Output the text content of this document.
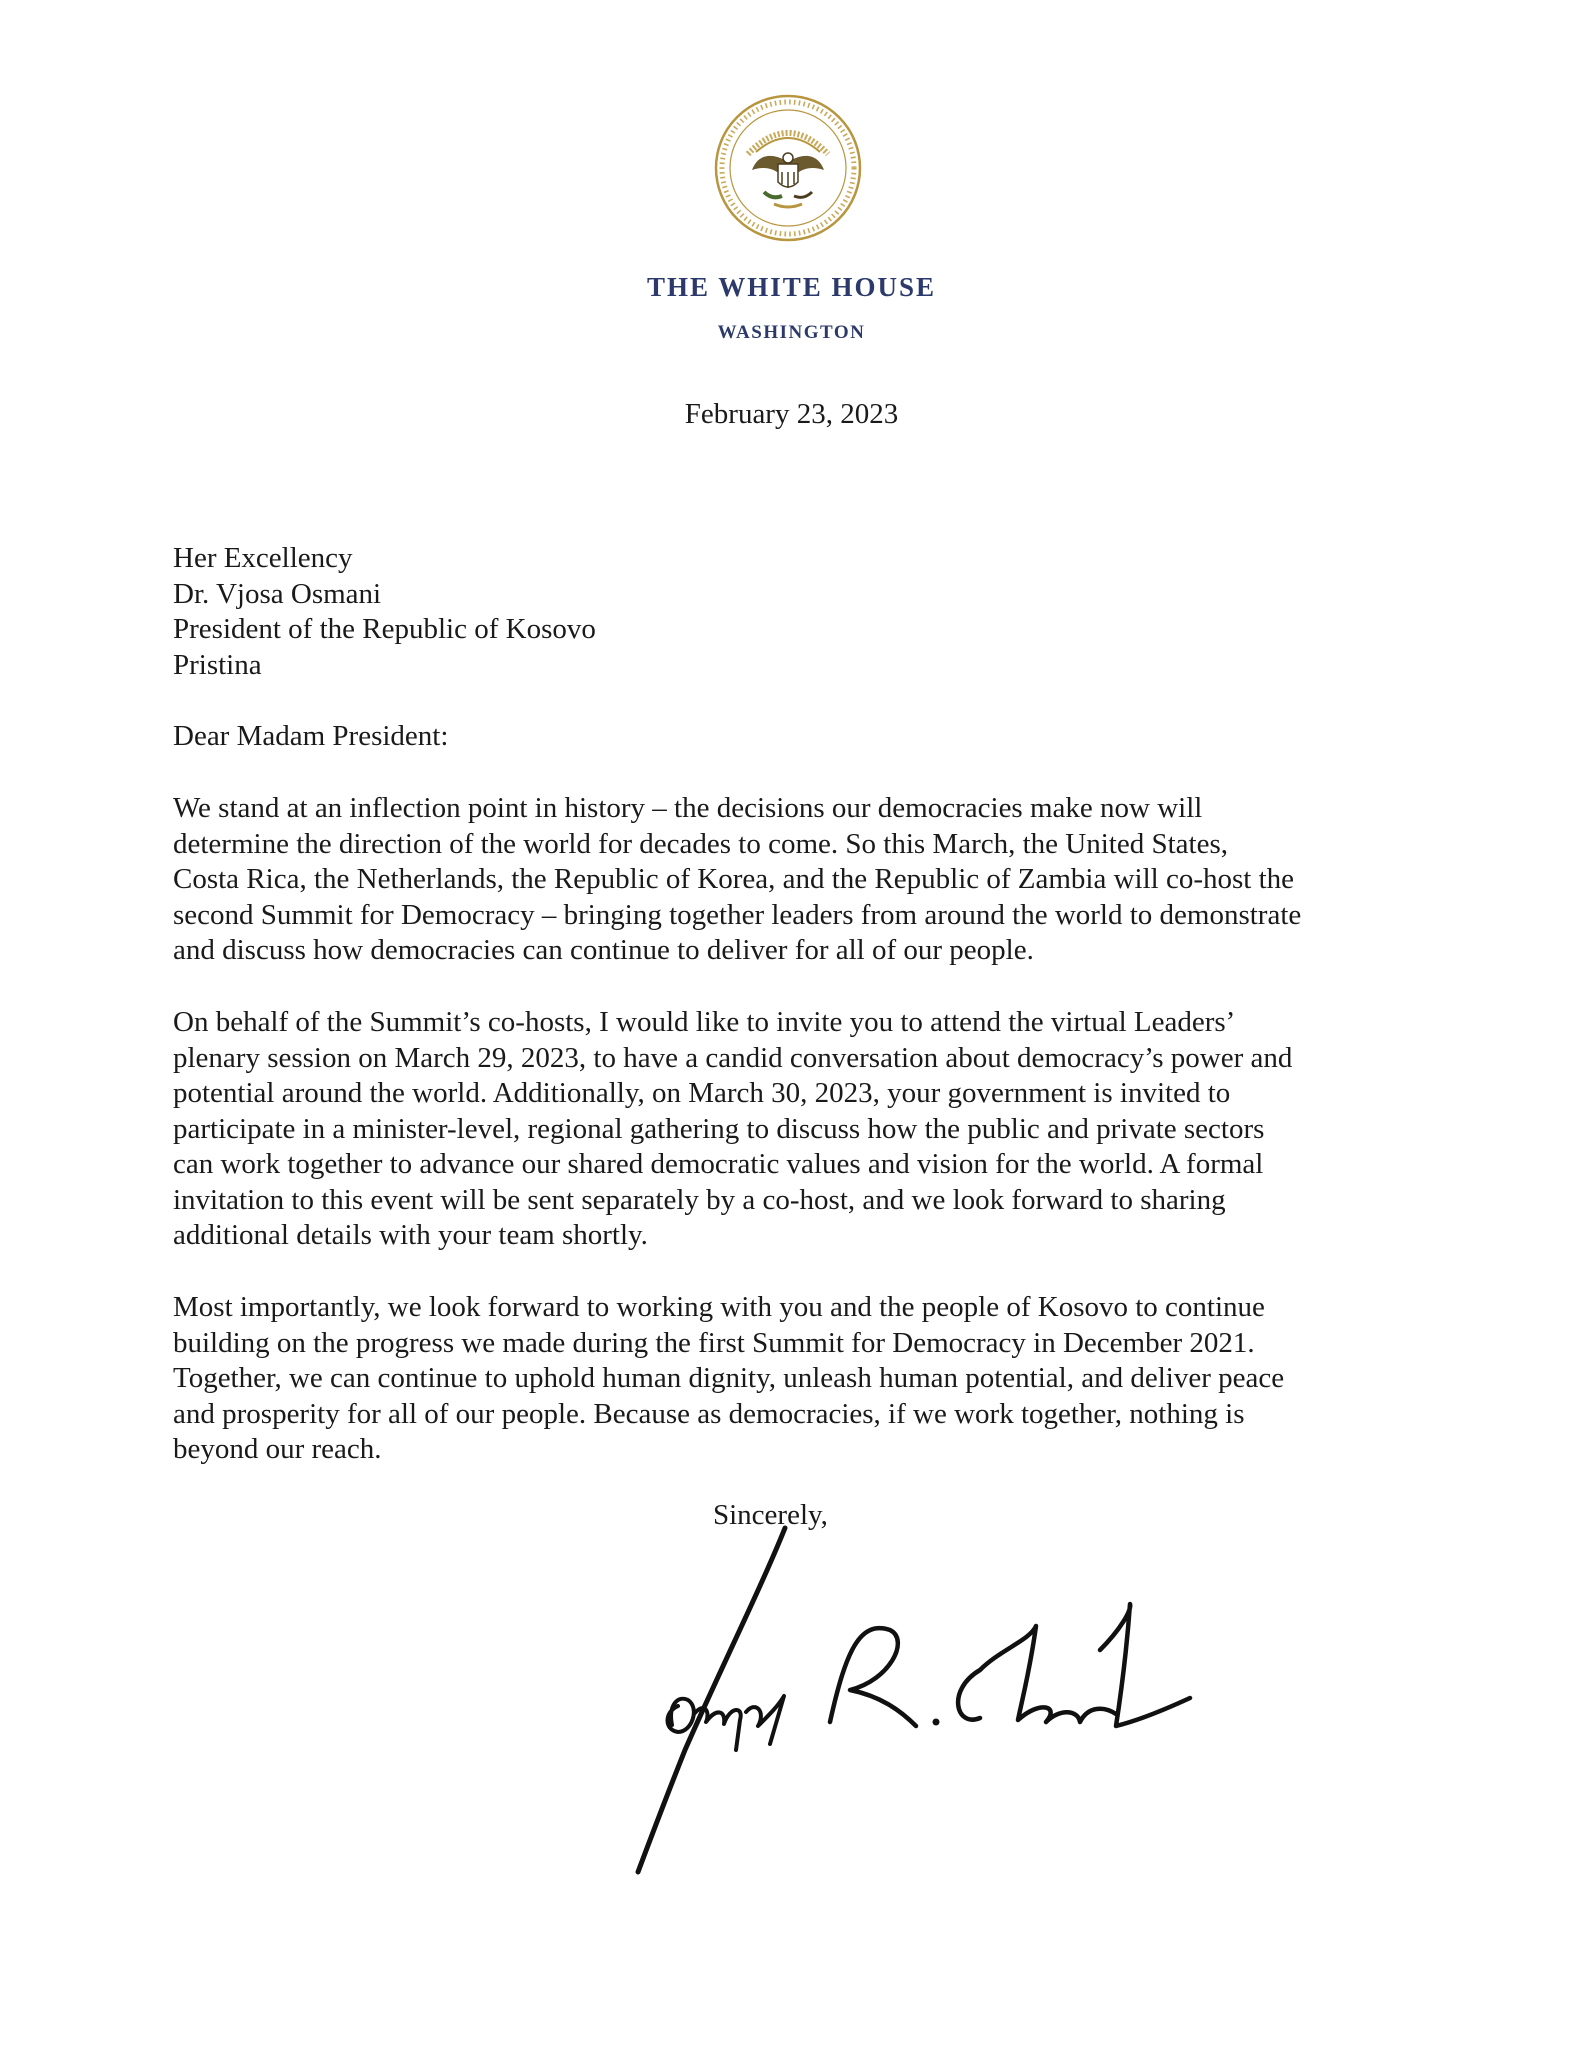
THE WHITE HOUSE
WASHINGTON
February 23, 2023
Her Excellency
Dr. Vjosa Osmani
President of the Republic of Kosovo
Pristina
Dear Madam President:
We stand at an inflection point in history – the decisions our democracies make now will
determine the direction of the world for decades to come. So this March, the United States,
Costa Rica, the Netherlands, the Republic of Korea, and the Republic of Zambia will co-host the
second Summit for Democracy – bringing together leaders from around the world to demonstrate
and discuss how democracies can continue to deliver for all of our people.
On behalf of the Summit’s co-hosts, I would like to invite you to attend the virtual Leaders’
plenary session on March 29, 2023, to have a candid conversation about democracy’s power and
potential around the world. Additionally, on March 30, 2023, your government is invited to
participate in a minister-level, regional gathering to discuss how the public and private sectors
can work together to advance our shared democratic values and vision for the world. A formal
invitation to this event will be sent separately by a co-host, and we look forward to sharing
additional details with your team shortly.
Most importantly, we look forward to working with you and the people of Kosovo to continue
building on the progress we made during the first Summit for Democracy in December 2021.
Together, we can continue to uphold human dignity, unleash human potential, and deliver peace
and prosperity for all of our people. Because as democracies, if we work together, nothing is
beyond our reach.
Sincerely,
